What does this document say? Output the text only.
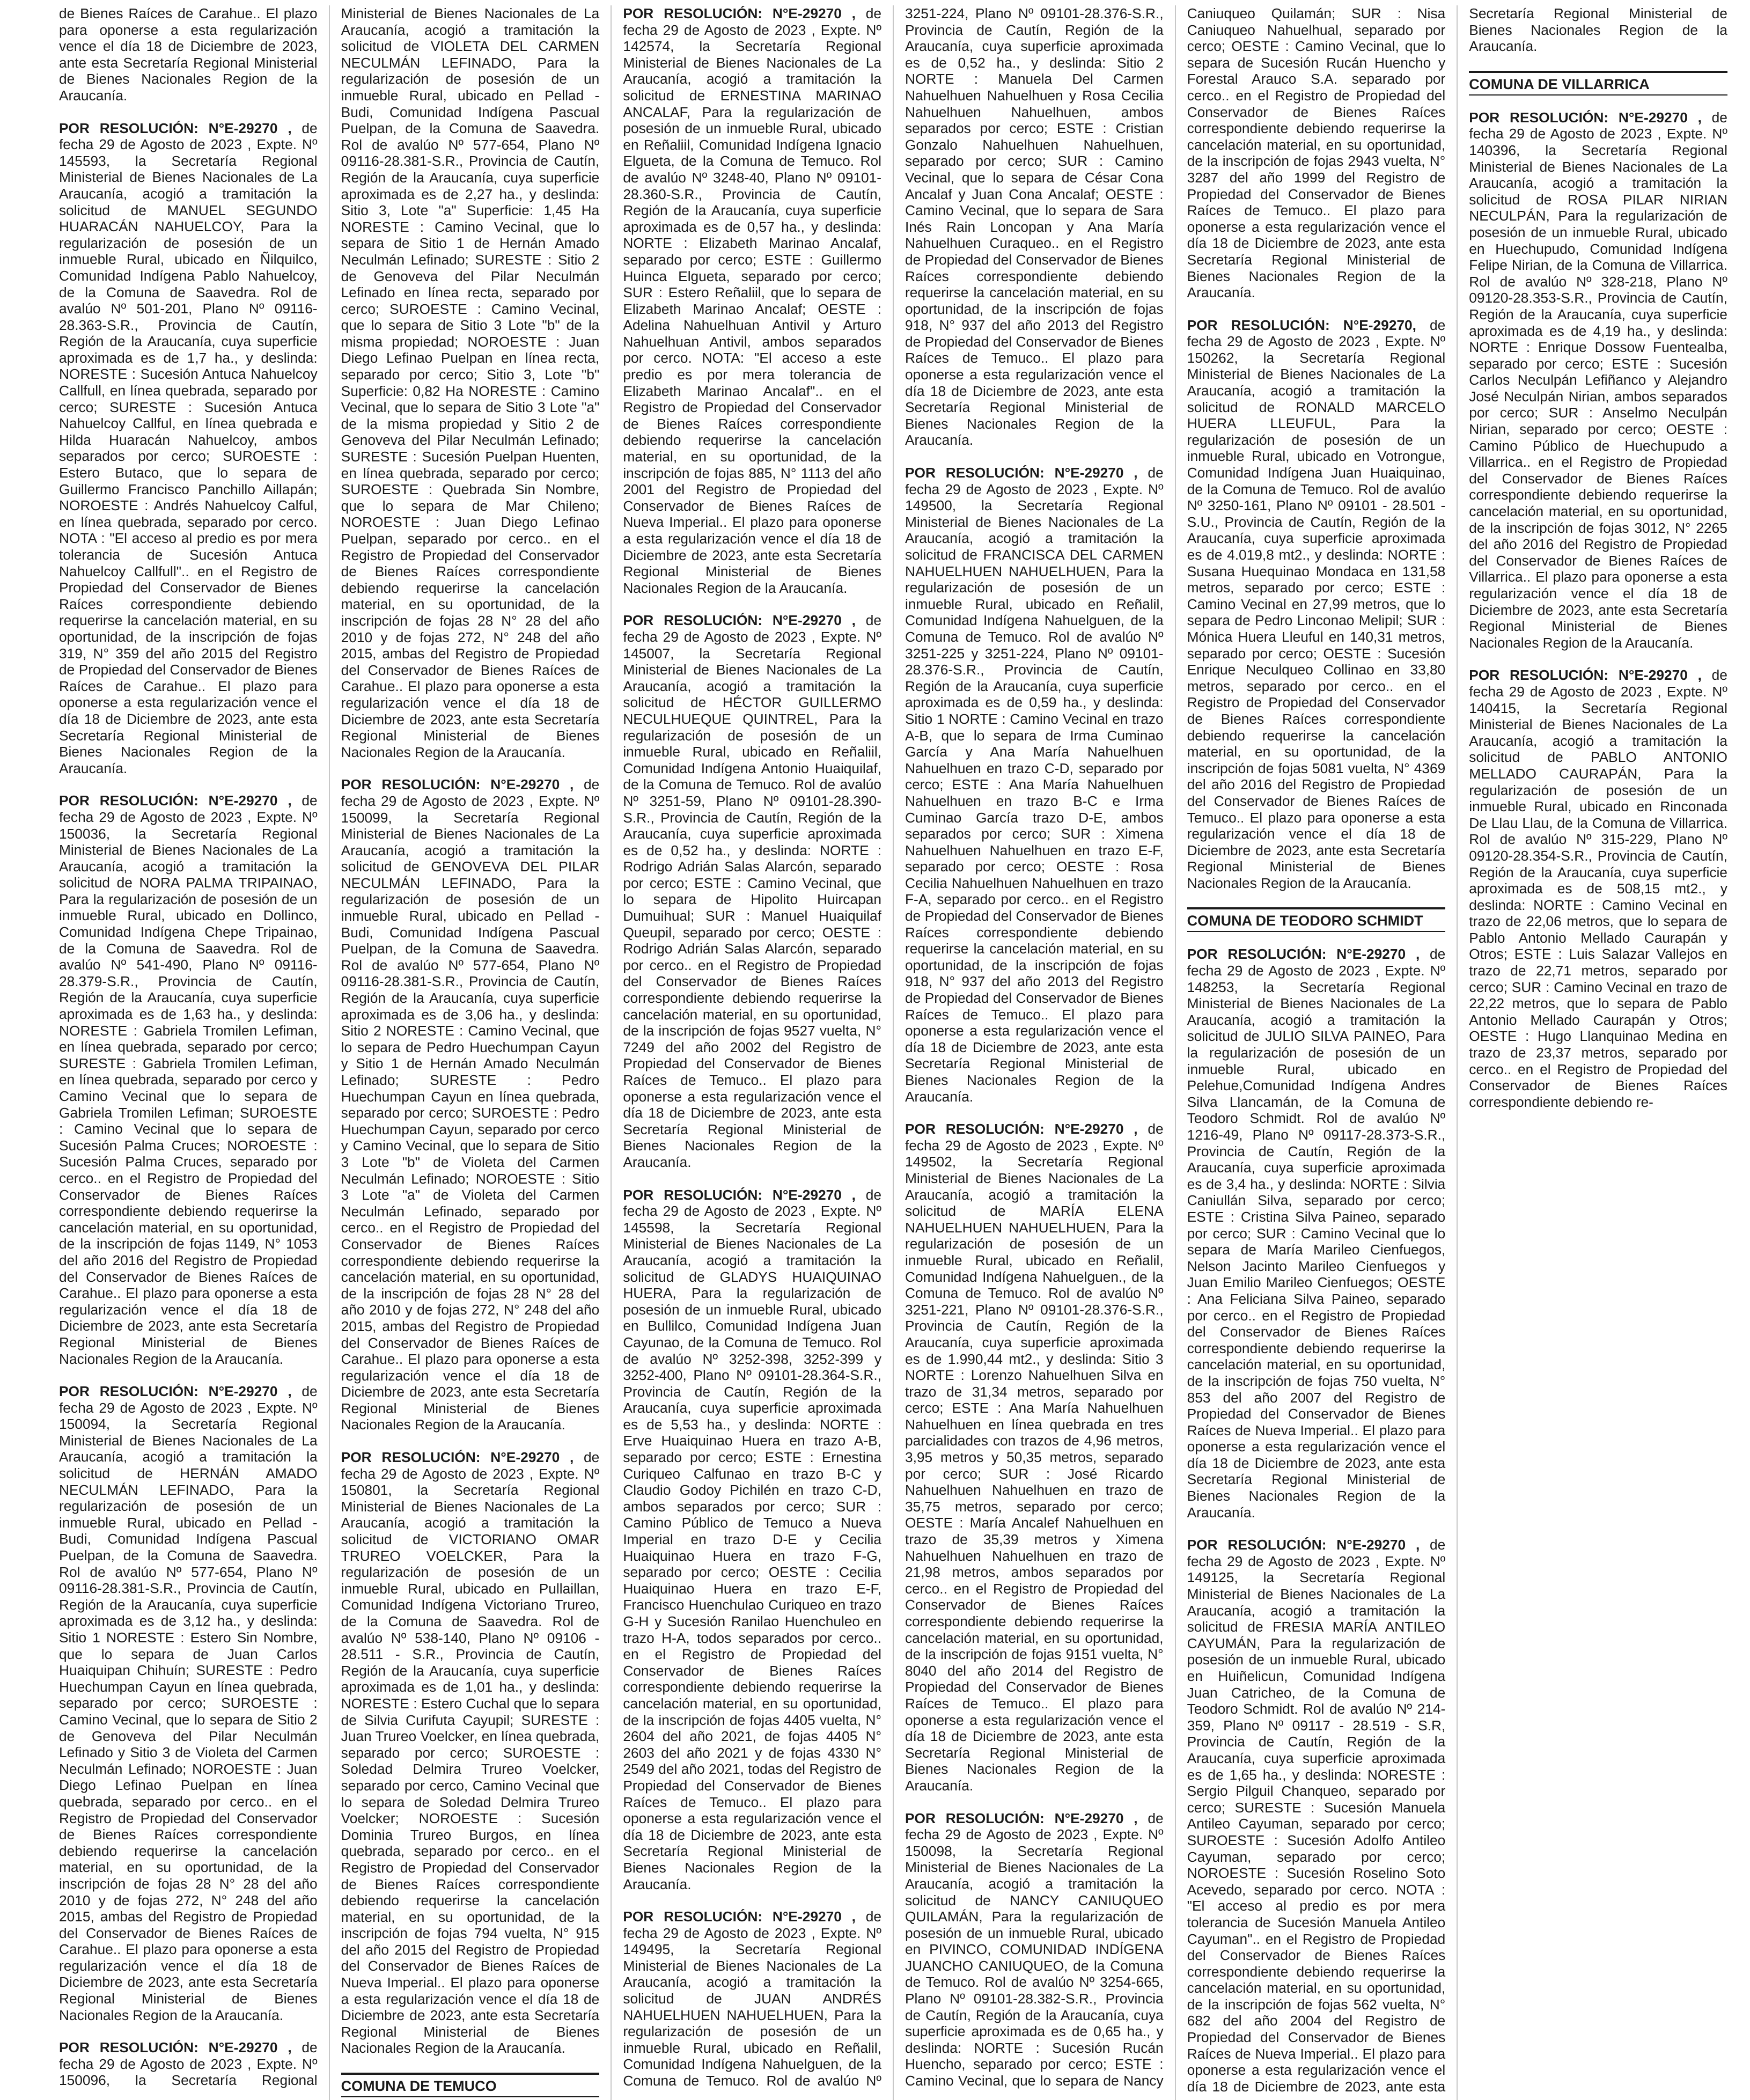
de Bienes Raíces de Carahue.. El plazo para oponerse a esta regularización vence el día 18 de Diciembre de 2023, ante esta Secretaría Regional Ministerial de Bienes Nacionales Region de la Araucanía.

POR RESOLUCIÓN: N°E-29270 , de fecha 29 de Agosto de 2023 , Expte. Nº 145593, la Secretaría Regional Ministerial de Bienes Nacionales de La Araucanía, acogió a tramitación la solicitud de MANUEL SEGUNDO HUARACÁN NAHUELCOY, Para la regularización de posesión de un inmueble Rural, ubicado en Ñilquilco, Comunidad Indígena Pablo Nahuelcoy, de la Comuna de Saavedra. Rol de avalúo Nº 501-201, Plano Nº 09116-28.363-S.R., Provincia de Cautín, Región de la Araucanía, cuya superficie aproximada es de 1,7 ha., y deslinda: NORESTE : Sucesión Antuca Nahuelcoy Callfull, en línea quebrada, separado por cerco; SURESTE : Sucesión Antuca Nahuelcoy Callful, en línea quebrada e Hilda Huaracán Nahuelcoy, ambos separados por cerco; SUROESTE : Estero Butaco, que lo separa de Guillermo Francisco Panchillo Aillapán; NOROESTE : Andrés Nahuelcoy Calful, en línea quebrada, separado por cerco. NOTA : "El acceso al predio es por mera tolerancia de Sucesión Antuca Nahuelcoy Callfull".. en el Registro de Propiedad del Conservador de Bienes Raíces correspondiente debiendo requerirse la cancelación material, en su oportunidad, de la inscripción de fojas 319, N° 359 del año 2015 del Registro de Propiedad del Conservador de Bienes Raíces de Carahue.. El plazo para oponerse a esta regularización vence el día 18 de Diciembre de 2023, ante esta Secretaría Regional Ministerial de Bienes Nacionales Region de la Araucanía.

POR RESOLUCIÓN: N°E-29270 , de fecha 29 de Agosto de 2023 , Expte. Nº 150036, la Secretaría Regional Ministerial de Bienes Nacionales de La Araucanía, acogió a tramitación la solicitud de NORA PALMA TRIPAINAO, Para la regularización de posesión de un inmueble Rural, ubicado en Dollinco, Comunidad Indígena Chepe Tripainao, de la Comuna de Saavedra. Rol de avalúo Nº 541-490, Plano Nº 09116-28.379-S.R., Provincia de Cautín, Región de la Araucanía, cuya superficie aproximada es de 1,63 ha., y deslinda: NORESTE : Gabriela Tromilen Lefiman, en línea quebrada, separado por cerco; SURESTE : Gabriela Tromilen Lefiman, en línea quebrada, separado por cerco y Camino Vecinal que lo separa de Gabriela Tromilen Lefiman; SUROESTE : Camino Vecinal que lo separa de Sucesión Palma Cruces; NOROESTE : Sucesión Palma Cruces, separado por cerco.. en el Registro de Propiedad del Conservador de Bienes Raíces correspondiente debiendo requerirse la cancelación material, en su oportunidad, de la inscripción de fojas 1149, N° 1053 del año 2016 del Registro de Propiedad del Conservador de Bienes Raíces de Carahue.. El plazo para oponerse a esta regularización vence el día 18 de Diciembre de 2023, ante esta Secretaría Regional Ministerial de Bienes Nacionales Region de la Araucanía.

POR RESOLUCIÓN: N°E-29270 , de fecha 29 de Agosto de 2023 , Expte. Nº 150094, la Secretaría Regional Ministerial de Bienes Nacionales de La Araucanía, acogió a tramitación la solicitud de HERNÁN AMADO NECULMÁN LEFINADO, Para la regularización de posesión de un inmueble Rural, ubicado en Pellad - Budi, Comunidad Indígena Pascual Puelpan, de la Comuna de Saavedra. Rol de avalúo Nº 577-654, Plano Nº 09116-28.381-S.R., Provincia de Cautín, Región de la Araucanía, cuya superficie aproximada es de 3,12 ha., y deslinda: Sitio 1 NORESTE : Estero Sin Nombre, que lo separa de Juan Carlos Huaiquipan Chihuín; SURESTE : Pedro Huechumpan Cayun en línea quebrada, separado por cerco; SUROESTE : Camino Vecinal, que lo separa de Sitio 2 de Genoveva del Pilar Neculmán Lefinado y Sitio 3 de Violeta del Carmen Neculmán Lefinado; NOROESTE : Juan Diego Lefinao Puelpan en línea quebrada, separado por cerco.. en el Registro de Propiedad del Conservador de Bienes Raíces correspondiente debiendo requerirse la cancelación material, en su oportunidad, de la inscripción de fojas 28 N° 28 del año 2010 y de fojas 272, N° 248 del año 2015, ambas del Registro de Propiedad del Conservador de Bienes Raíces de Carahue.. El plazo para oponerse a esta regularización vence el día 18 de Diciembre de 2023, ante esta Secretaría Regional Ministerial de Bienes Nacionales Region de la Araucanía.

POR RESOLUCIÓN: N°E-29270 , de fecha 29 de Agosto de 2023 , Expte. Nº 150096, la Secretaría Regional Ministerial de Bienes Nacionales de La Araucanía, acogió a tramitación la solicitud de VIOLETA DEL CARMEN NECULMÁN LEFINADO, Para la regularización de posesión de un inmueble Rural, ubicado en Pellad - Budi, Comunidad Indígena Pascual Puelpan, de la Comuna de Saavedra. Rol de avalúo Nº 577-654, Plano Nº 09116-28.381-S.R., Provincia de Cautín, Región de la Araucanía, cuya superficie aproximada es de 2,27 ha., y deslinda: Sitio 3, Lote "a" Superficie: 1,45 Ha NORESTE : Camino Vecinal, que lo separa de Sitio 1 de Hernán Amado Neculmán Lefinado; SURESTE : Sitio 2 de Genoveva del Pilar Neculmán Lefinado en línea recta, separado por cerco; SUROESTE : Camino Vecinal, que lo separa de Sitio 3 Lote "b" de la misma propiedad; NOROESTE : Juan Diego Lefinao Puelpan en línea recta, separado por cerco; Sitio 3, Lote "b" Superficie: 0,82 Ha NORESTE : Camino Vecinal, que lo separa de Sitio 3 Lote "a" de la misma propiedad y Sitio 2 de Genoveva del Pilar Neculmán Lefinado; SURESTE : Sucesión Puelpan Huenten, en línea quebrada, separado por cerco; SUROESTE : Quebrada Sin Nombre, que lo separa de Mar Chileno; NOROESTE : Juan Diego Lefinao Puelpan, separado por cerco.. en el Registro de Propiedad del Conservador de Bienes Raíces correspondiente debiendo requerirse la cancelación material, en su oportunidad, de la inscripción de fojas 28 N° 28 del año 2010 y de fojas 272, N° 248 del año 2015, ambas del Registro de Propiedad del Conservador de Bienes Raíces de Carahue.. El plazo para oponerse a esta regularización vence el día 18 de Diciembre de 2023, ante esta Secretaría Regional Ministerial de Bienes Nacionales Region de la Araucanía.

POR RESOLUCIÓN: N°E-29270 , de fecha 29 de Agosto de 2023 , Expte. Nº 150099, la Secretaría Regional Ministerial de Bienes Nacionales de La Araucanía, acogió a tramitación la solicitud de GENOVEVA DEL PILAR NECULMÁN LEFINADO, Para la regularización de posesión de un inmueble Rural, ubicado en Pellad - Budi, Comunidad Indígena Pascual Puelpan, de la Comuna de Saavedra. Rol de avalúo Nº 577-654, Plano Nº 09116-28.381-S.R., Provincia de Cautín, Región de la Araucanía, cuya superficie aproximada es de 3,06 ha., y deslinda: Sitio 2 NORESTE : Camino Vecinal, que lo separa de Pedro Huechumpan Cayun y Sitio 1 de Hernán Amado Neculmán Lefinado; SURESTE : Pedro Huechumpan Cayun en línea quebrada, separado por cerco; SUROESTE : Pedro Huechumpan Cayun, separado por cerco y Camino Vecinal, que lo separa de Sitio 3 Lote "b" de Violeta del Carmen Neculmán Lefinado; NOROESTE : Sitio 3 Lote "a" de Violeta del Carmen Neculmán Lefinado, separado por cerco.. en el Registro de Propiedad del Conservador de Bienes Raíces correspondiente debiendo requerirse la cancelación material, en su oportunidad, de la inscripción de fojas 28 N° 28 del año 2010 y de fojas 272, N° 248 del año 2015, ambas del Registro de Propiedad del Conservador de Bienes Raíces de Carahue.. El plazo para oponerse a esta regularización vence el día 18 de Diciembre de 2023, ante esta Secretaría Regional Ministerial de Bienes Nacionales Region de la Araucanía.

POR RESOLUCIÓN: N°E-29270 , de fecha 29 de Agosto de 2023 , Expte. Nº 150801, la Secretaría Regional Ministerial de Bienes Nacionales de La Araucanía, acogió a tramitación la solicitud de VICTORIANO OMAR TRUREO VOELCKER, Para la regularización de posesión de un inmueble Rural, ubicado en Pullaillan, Comunidad Indígena Victoriano Trureo, de la Comuna de Saavedra. Rol de avalúo Nº 538-140, Plano Nº 09106 - 28.511 - S.R., Provincia de Cautín, Región de la Araucanía, cuya superficie aproximada es de 1,01 ha., y deslinda: NORESTE : Estero Cuchal que lo separa de Silvia Curifuta Cayupil; SURESTE : Juan Trureo Voelcker, en línea quebrada, separado por cerco; SUROESTE : Soledad Delmira Trureo Voelcker, separado por cerco, Camino Vecinal que lo separa de Soledad Delmira Trureo Voelcker; NOROESTE : Sucesión Dominia Trureo Burgos, en línea quebrada, separado por cerco.. en el Registro de Propiedad del Conservador de Bienes Raíces correspondiente debiendo requerirse la cancelación material, en su oportunidad, de la inscripción de fojas 794 vuelta, N° 915 del año 2015 del Registro de Propiedad del Conservador de Bienes Raíces de Nueva Imperial.. El plazo para oponerse a esta regularización vence el día 18 de Diciembre de 2023, ante esta Secretaría Regional Ministerial de Bienes Nacionales Region de la Araucanía.

COMUNA DE TEMUCO

POR RESOLUCIÓN: N°E-29270 , de fecha 29 de Agosto de 2023 , Expte. Nº 142574, la Secretaría Regional Ministerial de Bienes Nacionales de La Araucanía, acogió a tramitación la solicitud de ERNESTINA MARINAO ANCALAF, Para la regularización de posesión de un inmueble Rural, ubicado en Reñaliil, Comunidad Indígena Ignacio Elgueta, de la Comuna de Temuco. Rol de avalúo Nº 3248-40, Plano Nº 09101-28.360-S.R., Provincia de Cautín, Región de la Araucanía, cuya superficie aproximada es de 0,57 ha., y deslinda: NORTE : Elizabeth Marinao Ancalaf, separado por cerco; ESTE : Guillermo Huinca Elgueta, separado por cerco; SUR : Estero Reñaliil, que lo separa de Elizabeth Marinao Ancalaf; OESTE : Adelina Nahuelhuan Antivil y Arturo Nahuelhuan Antivil, ambos separados por cerco. NOTA: "El acceso a este predio es por mera tolerancia de Elizabeth Marinao Ancalaf".. en el Registro de Propiedad del Conservador de Bienes Raíces correspondiente debiendo requerirse la cancelación material, en su oportunidad, de la inscripción de fojas 885, N° 1113 del año 2001 del Registro de Propiedad del Conservador de Bienes Raíces de Nueva Imperial.. El plazo para oponerse a esta regularización vence el día 18 de Diciembre de 2023, ante esta Secretaría Regional Ministerial de Bienes Nacionales Region de la Araucanía.

POR RESOLUCIÓN: N°E-29270 , de fecha 29 de Agosto de 2023 , Expte. Nº 145007, la Secretaría Regional Ministerial de Bienes Nacionales de La Araucanía, acogió a tramitación la solicitud de HÉCTOR GUILLERMO NECULHUEQUE QUINTREL, Para la regularización de posesión de un inmueble Rural, ubicado en Reñaliil, Comunidad Indígena Antonio Huaiquilaf, de la Comuna de Temuco. Rol de avalúo Nº 3251-59, Plano Nº 09101-28.390-S.R., Provincia de Cautín, Región de la Araucanía, cuya superficie aproximada es de 0,52 ha., y deslinda: NORTE : Rodrigo Adrián Salas Alarcón, separado por cerco; ESTE : Camino Vecinal, que lo separa de Hipolito Huircapan Dumuihual; SUR : Manuel Huaiquilaf Queupil, separado por cerco; OESTE : Rodrigo Adrián Salas Alarcón, separado por cerco.. en el Registro de Propiedad del Conservador de Bienes Raíces correspondiente debiendo requerirse la cancelación material, en su oportunidad, de la inscripción de fojas 9527 vuelta, N° 7249 del año 2002 del Registro de Propiedad del Conservador de Bienes Raíces de Temuco.. El plazo para oponerse a esta regularización vence el día 18 de Diciembre de 2023, ante esta Secretaría Regional Ministerial de Bienes Nacionales Region de la Araucanía.

POR RESOLUCIÓN: N°E-29270 , de fecha 29 de Agosto de 2023 , Expte. Nº 145598, la Secretaría Regional Ministerial de Bienes Nacionales de La Araucanía, acogió a tramitación la solicitud de GLADYS HUAIQUINAO HUERA, Para la regularización de posesión de un inmueble Rural, ubicado en Bullilco, Comunidad Indígena Juan Cayunao, de la Comuna de Temuco. Rol de avalúo Nº 3252-398, 3252-399 y 3252-400, Plano Nº 09101-28.364-S.R., Provincia de Cautín, Región de la Araucanía, cuya superficie aproximada es de 5,53 ha., y deslinda: NORTE : Erve Huaiquinao Huera en trazo A-B, separado por cerco; ESTE : Ernestina Curiqueo Calfunao en trazo B-C y Claudio Godoy Pichilén en trazo C-D, ambos separados por cerco; SUR : Camino Público de Temuco a Nueva Imperial en trazo D-E y Cecilia Huaiquinao Huera en trazo F-G, separado por cerco; OESTE : Cecilia Huaiquinao Huera en trazo E-F, Francisco Huenchulao Curiqueo en trazo G-H y Sucesión Ranilao Huenchuleo en trazo H-A, todos separados por cerco.. en el Registro de Propiedad del Conservador de Bienes Raíces correspondiente debiendo requerirse la cancelación material, en su oportunidad, de la inscripción de fojas 4405 vuelta, N° 2604 del año 2021, de fojas 4405 N° 2603 del año 2021 y de fojas 4330 N° 2549 del año 2021, todas del Registro de Propiedad del Conservador de Bienes Raíces de Temuco.. El plazo para oponerse a esta regularización vence el día 18 de Diciembre de 2023, ante esta Secretaría Regional Ministerial de Bienes Nacionales Region de la Araucanía.

POR RESOLUCIÓN: N°E-29270 , de fecha 29 de Agosto de 2023 , Expte. Nº 149495, la Secretaría Regional Ministerial de Bienes Nacionales de La Araucanía, acogió a tramitación la solicitud de JUAN ANDRÉS NAHUELHUEN NAHUELHUEN, Para la regularización de posesión de un inmueble Rural, ubicado en Reñalil, Comunidad Indígena Nahuelguen, de la Comuna de Temuco. Rol de avalúo Nº 3251-224, Plano Nº 09101-28.376-S.R., Provincia de Cautín, Región de la Araucanía, cuya superficie aproximada es de 0,52 ha., y deslinda: Sitio 2 NORTE : Manuela Del Carmen Nahuelhuen Nahuelhuen y Rosa Cecilia Nahuelhuen Nahuelhuen, ambos separados por cerco; ESTE : Cristian Gonzalo Nahuelhuen Nahuelhuen, separado por cerco; SUR : Camino Vecinal, que lo separa de César Cona Ancalaf y Juan Cona Ancalaf; OESTE : Camino Vecinal, que lo separa de Sara Inés Rain Loncopan y Ana María Nahuelhuen Curaqueo.. en el Registro de Propiedad del Conservador de Bienes Raíces correspondiente debiendo requerirse la cancelación material, en su oportunidad, de la inscripción de fojas 918, N° 937 del año 2013 del Registro de Propiedad del Conservador de Bienes Raíces de Temuco.. El plazo para oponerse a esta regularización vence el día 18 de Diciembre de 2023, ante esta Secretaría Regional Ministerial de Bienes Nacionales Region de la Araucanía.

POR RESOLUCIÓN: N°E-29270 , de fecha 29 de Agosto de 2023 , Expte. Nº 149500, la Secretaría Regional Ministerial de Bienes Nacionales de La Araucanía, acogió a tramitación la solicitud de FRANCISCA DEL CARMEN NAHUELHUEN NAHUELHUEN, Para la regularización de posesión de un inmueble Rural, ubicado en Reñalil, Comunidad Indígena Nahuelguen, de la Comuna de Temuco. Rol de avalúo Nº 3251-225 y 3251-224, Plano Nº 09101-28.376-S.R., Provincia de Cautín, Región de la Araucanía, cuya superficie aproximada es de 0,59 ha., y deslinda: Sitio 1 NORTE : Camino Vecinal en trazo A-B, que lo separa de Irma Cuminao García y Ana María Nahuelhuen Nahuelhuen en trazo C-D, separado por cerco; ESTE : Ana María Nahuelhuen Nahuelhuen en trazo B-C e Irma Cuminao García trazo D-E, ambos separados por cerco; SUR : Ximena Nahuelhuen Nahuelhuen en trazo E-F, separado por cerco; OESTE : Rosa Cecilia Nahuelhuen Nahuelhuen en trazo F-A, separado por cerco.. en el Registro de Propiedad del Conservador de Bienes Raíces correspondiente debiendo requerirse la cancelación material, en su oportunidad, de la inscripción de fojas 918, N° 937 del año 2013 del Registro de Propiedad del Conservador de Bienes Raíces de Temuco.. El plazo para oponerse a esta regularización vence el día 18 de Diciembre de 2023, ante esta Secretaría Regional Ministerial de Bienes Nacionales Region de la Araucanía.

POR RESOLUCIÓN: N°E-29270 , de fecha 29 de Agosto de 2023 , Expte. Nº 149502, la Secretaría Regional Ministerial de Bienes Nacionales de La Araucanía, acogió a tramitación la solicitud de MARÍA ELENA NAHUELHUEN NAHUELHUEN, Para la regularización de posesión de un inmueble Rural, ubicado en Reñalil, Comunidad Indígena Nahuelguen., de la Comuna de Temuco. Rol de avalúo Nº 3251-221, Plano Nº 09101-28.376-S.R., Provincia de Cautín, Región de la Araucanía, cuya superficie aproximada es de 1.990,44 mt2., y deslinda: Sitio 3 NORTE : Lorenzo Nahuelhuen Silva en trazo de 31,34 metros, separado por cerco; ESTE : Ana María Nahuelhuen Nahuelhuen en línea quebrada en tres parcialidades con trazos de 4,96 metros, 3,95 metros y 50,35 metros, separado por cerco; SUR : José Ricardo Nahuelhuen Nahuelhuen en trazo de 35,75 metros, separado por cerco; OESTE : María Ancalef Nahuelhuen en trazo de 35,39 metros y Ximena Nahuelhuen Nahuelhuen en trazo de 21,98 metros, ambos separados por cerco.. en el Registro de Propiedad del Conservador de Bienes Raíces correspondiente debiendo requerirse la cancelación material, en su oportunidad, de la inscripción de fojas 9151 vuelta, N° 8040 del año 2014 del Registro de Propiedad del Conservador de Bienes Raíces de Temuco.. El plazo para oponerse a esta regularización vence el día 18 de Diciembre de 2023, ante esta Secretaría Regional Ministerial de Bienes Nacionales Region de la Araucanía.

POR RESOLUCIÓN: N°E-29270 , de fecha 29 de Agosto de 2023 , Expte. Nº 150098, la Secretaría Regional Ministerial de Bienes Nacionales de La Araucanía, acogió a tramitación la solicitud de NANCY CANIUQUEO QUILAMÁN, Para la regularización de posesión de un inmueble Rural, ubicado en PIVINCO, COMUNIDAD INDÍGENA JUANCHO CANIUQUEO, de la Comuna de Temuco. Rol de avalúo Nº 3254-665, Plano Nº 09101-28.382-S.R., Provincia de Cautín, Región de la Araucanía, cuya superficie aproximada es de 0,65 ha., y deslinda: NORTE : Sucesión Rucán Huencho, separado por cerco; ESTE : Camino Vecinal, que lo separa de Nancy Caniuqueo Quilamán; SUR : Nisa Caniuqueo Nahuelhual, separado por cerco; OESTE : Camino Vecinal, que lo separa de Sucesión Rucán Huencho y Forestal Arauco S.A. separado por cerco.. en el Registro de Propiedad del Conservador de Bienes Raíces correspondiente debiendo requerirse la cancelación material, en su oportunidad, de la inscripción de fojas 2943 vuelta, N° 3287 del año 1999 del Registro de Propiedad del Conservador de Bienes Raíces de Temuco.. El plazo para oponerse a esta regularización vence el día 18 de Diciembre de 2023, ante esta Secretaría Regional Ministerial de Bienes Nacionales Region de la Araucanía.

POR RESOLUCIÓN: N°E-29270, de fecha 29 de Agosto de 2023 , Expte. Nº 150262, la Secretaría Regional Ministerial de Bienes Nacionales de La Araucanía, acogió a tramitación la solicitud de RONALD MARCELO HUERA LLEUFUL, Para la regularización de posesión de un inmueble Rural, ubicado en Votrongue, Comunidad Indígena Juan Huaiquinao, de la Comuna de Temuco. Rol de avalúo Nº 3250-161, Plano Nº 09101 - 28.501 - S.U., Provincia de Cautín, Región de la Araucanía, cuya superficie aproximada es de 4.019,8 mt2., y deslinda: NORTE : Susana Huequinao Mondaca en 131,58 metros, separado por cerco; ESTE : Camino Vecinal en 27,99 metros, que lo separa de Pedro Linconao Melipil; SUR : Mónica Huera Lleuful en 140,31 metros, separado por cerco; OESTE : Sucesión Enrique Neculqueo Collinao en 33,80 metros, separado por cerco.. en el Registro de Propiedad del Conservador de Bienes Raíces correspondiente debiendo requerirse la cancelación material, en su oportunidad, de la inscripción de fojas 5081 vuelta, N° 4369 del año 2016 del Registro de Propiedad del Conservador de Bienes Raíces de Temuco.. El plazo para oponerse a esta regularización vence el día 18 de Diciembre de 2023, ante esta Secretaría Regional Ministerial de Bienes Nacionales Region de la Araucanía.

COMUNA DE TEODORO SCHMIDT

POR RESOLUCIÓN: N°E-29270 , de fecha 29 de Agosto de 2023 , Expte. Nº 148253, la Secretaría Regional Ministerial de Bienes Nacionales de La Araucanía, acogió a tramitación la solicitud de JULIO SILVA PAINEO, Para la regularización de posesión de un inmueble Rural, ubicado en Pelehue,Comunidad Indígena Andres Silva Llancamán, de la Comuna de Teodoro Schmidt. Rol de avalúo Nº 1216-49, Plano Nº 09117-28.373-S.R., Provincia de Cautín, Región de la Araucanía, cuya superficie aproximada es de 3,4 ha., y deslinda: NORTE : Silvia Caniullán Silva, separado por cerco; ESTE : Cristina Silva Paineo, separado por cerco; SUR : Camino Vecinal que lo separa de María Marileo Cienfuegos, Nelson Jacinto Marileo Cienfuegos y Juan Emilio Marileo Cienfuegos; OESTE : Ana Feliciana Silva Paineo, separado por cerco.. en el Registro de Propiedad del Conservador de Bienes Raíces correspondiente debiendo requerirse la cancelación material, en su oportunidad, de la inscripción de fojas 750 vuelta, N° 853 del año 2007 del Registro de Propiedad del Conservador de Bienes Raíces de Nueva Imperial.. El plazo para oponerse a esta regularización vence el día 18 de Diciembre de 2023, ante esta Secretaría Regional Ministerial de Bienes Nacionales Region de la Araucanía.

POR RESOLUCIÓN: N°E-29270 , de fecha 29 de Agosto de 2023 , Expte. Nº 149125, la Secretaría Regional Ministerial de Bienes Nacionales de La Araucanía, acogió a tramitación la solicitud de FRESIA MARÍA ANTILEO CAYUMÁN, Para la regularización de posesión de un inmueble Rural, ubicado en Huiñelicun, Comunidad Indígena Juan Catricheo, de la Comuna de Teodoro Schmidt. Rol de avalúo Nº 214-359, Plano Nº 09117 - 28.519 - S.R, Provincia de Cautín, Región de la Araucanía, cuya superficie aproximada es de 1,65 ha., y deslinda: NORESTE : Sergio Pilguil Chanqueo, separado por cerco; SURESTE : Sucesión Manuela Antileo Cayuman, separado por cerco; SUROESTE : Sucesión Adolfo Antileo Cayuman, separado por cerco; NOROESTE : Sucesión Roselino Soto Acevedo, separado por cerco. NOTA : "El acceso al predio es por mera tolerancia de Sucesión Manuela Antileo Cayuman".. en el Registro de Propiedad del Conservador de Bienes Raíces correspondiente debiendo requerirse la cancelación material, en su oportunidad, de la inscripción de fojas 562 vuelta, N° 682 del año 2004 del Registro de Propiedad del Conservador de Bienes Raíces de Nueva Imperial.. El plazo para oponerse a esta regularización vence el día 18 de Diciembre de 2023, ante esta Secretaría Regional Ministerial de Bienes Nacionales Region de la Araucanía.

COMUNA DE VILLARRICA

POR RESOLUCIÓN: N°E-29270 , de fecha 29 de Agosto de 2023 , Expte. Nº 140396, la Secretaría Regional Ministerial de Bienes Nacionales de La Araucanía, acogió a tramitación la solicitud de ROSA PILAR NIRIAN NECULPÁN, Para la regularización de posesión de un inmueble Rural, ubicado en Huechupudo, Comunidad Indígena Felipe Nirian, de la Comuna de Villarrica. Rol de avalúo Nº 328-218, Plano Nº 09120-28.353-S.R., Provincia de Cautín, Región de la Araucanía, cuya superficie aproximada es de 4,19 ha., y deslinda: NORTE : Enrique Dossow Fuentealba, separado por cerco; ESTE : Sucesión Carlos Neculpán Lefiñanco y Alejandro José Neculpán Nirian, ambos separados por cerco; SUR : Anselmo Neculpán Nirian, separado por cerco; OESTE : Camino Público de Huechupudo a Villarrica.. en el Registro de Propiedad del Conservador de Bienes Raíces correspondiente debiendo requerirse la cancelación material, en su oportunidad, de la inscripción de fojas 3012, N° 2265 del año 2016 del Registro de Propiedad del Conservador de Bienes Raíces de Villarrica.. El plazo para oponerse a esta regularización vence el día 18 de Diciembre de 2023, ante esta Secretaría Regional Ministerial de Bienes Nacionales Region de la Araucanía.

POR RESOLUCIÓN: N°E-29270 , de fecha 29 de Agosto de 2023 , Expte. Nº 140415, la Secretaría Regional Ministerial de Bienes Nacionales de La Araucanía, acogió a tramitación la solicitud de PABLO ANTONIO MELLADO CAURAPÁN, Para la regularización de posesión de un inmueble Rural, ubicado en Rinconada De Llau Llau, de la Comuna de Villarrica. Rol de avalúo Nº 315-229, Plano Nº 09120-28.354-S.R., Provincia de Cautín, Región de la Araucanía, cuya superficie aproximada es de 508,15 mt2., y deslinda: NORTE : Camino Vecinal en trazo de 22,06 metros, que lo separa de Pablo Antonio Mellado Caurapán y Otros; ESTE : Luis Salazar Vallejos en trazo de 22,71 metros, separado por cerco; SUR : Camino Vecinal en trazo de 22,22 metros, que lo separa de Pablo Antonio Mellado Caurapán y Otros; OESTE : Hugo Llanquinao Medina en trazo de 23,37 metros, separado por cerco.. en el Registro de Propiedad del Conservador de Bienes Raíces correspondiente debiendo re-
